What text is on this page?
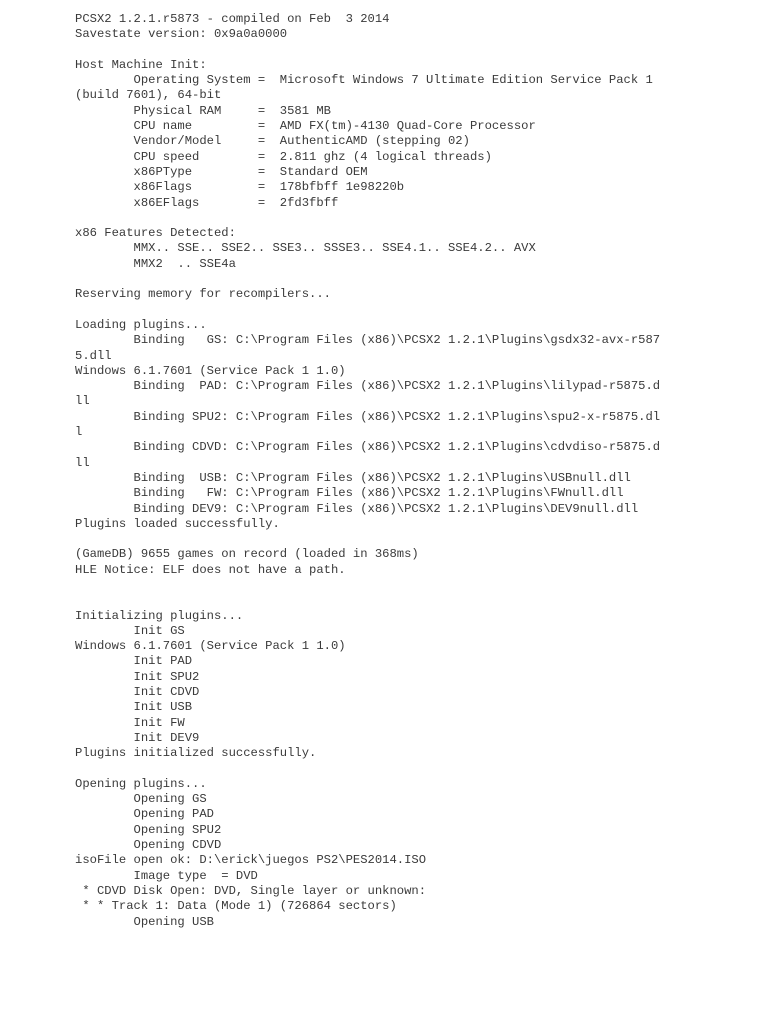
PCSX2 1.2.1.r5873 - compiled on Feb  3 2014
Savestate version: 0x9a0a0000
Host Machine Init:
Operating System =  Microsoft Windows 7 Ultimate Edition Service Pack 1
(build 7601), 64-bit
Physical RAM     =  3581 MB
CPU name         =  AMD FX(tm)-4130 Quad-Core Processor
Vendor/Model     =  AuthenticAMD (stepping 02)
CPU speed        =  2.811 ghz (4 logical threads)
x86PType         =  Standard OEM
x86Flags         =  178bfbff 1e98220b
x86EFlags        =  2fd3fbff
x86 Features Detected:
MMX.. SSE.. SSE2.. SSE3.. SSSE3.. SSE4.1.. SSE4.2.. AVX
MMX2  .. SSE4a
Reserving memory for recompilers...
Loading plugins...
Binding   GS: C:\Program Files (x86)\PCSX2 1.2.1\Plugins\gsdx32-avx-r587
5.dll
Windows 6.1.7601 (Service Pack 1 1.0)
Binding  PAD: C:\Program Files (x86)\PCSX2 1.2.1\Plugins\lilypad-r5875.d
ll
Binding SPU2: C:\Program Files (x86)\PCSX2 1.2.1\Plugins\spu2-x-r5875.dl
l
Binding CDVD: C:\Program Files (x86)\PCSX2 1.2.1\Plugins\cdvdiso-r5875.d
ll
Binding  USB: C:\Program Files (x86)\PCSX2 1.2.1\Plugins\USBnull.dll
Binding   FW: C:\Program Files (x86)\PCSX2 1.2.1\Plugins\FWnull.dll
Binding DEV9: C:\Program Files (x86)\PCSX2 1.2.1\Plugins\DEV9null.dll
Plugins loaded successfully.
(GameDB) 9655 games on record (loaded in 368ms)
HLE Notice: ELF does not have a path.
Initializing plugins...
Init GS
Windows 6.1.7601 (Service Pack 1 1.0)
Init PAD
Init SPU2
Init CDVD
Init USB
Init FW
Init DEV9
Plugins initialized successfully.
Opening plugins...
Opening GS
Opening PAD
Opening SPU2
Opening CDVD
isoFile open ok: D:\erick\juegos PS2\PES2014.ISO
Image type  = DVD
* CDVD Disk Open: DVD, Single layer or unknown:
* * Track 1: Data (Mode 1) (726864 sectors)
Opening USB
